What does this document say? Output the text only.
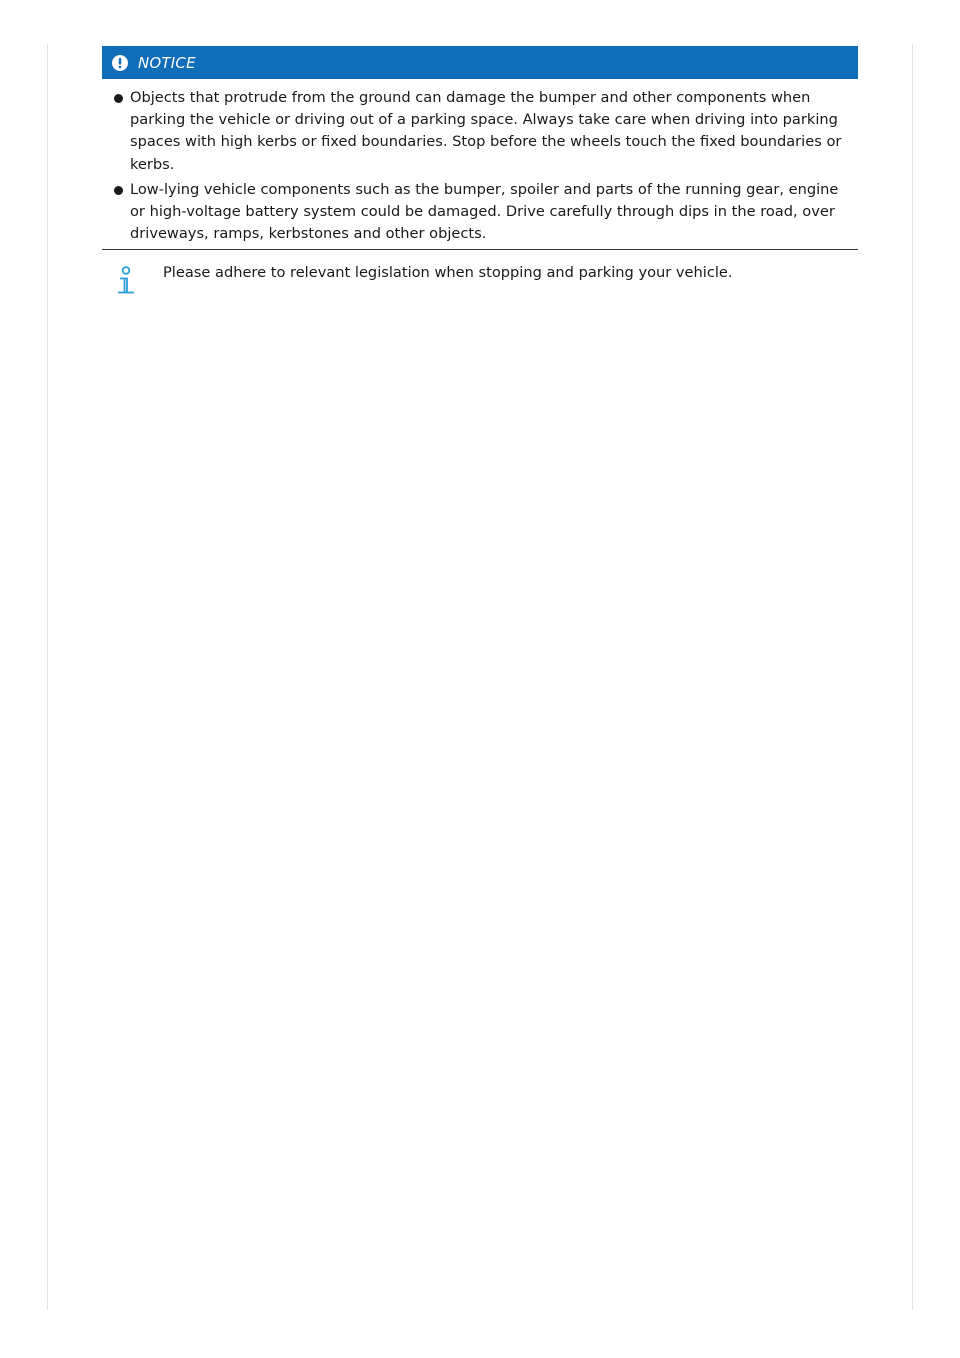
NOTICE
Objects that protrude from the ground can damage the bumper and other components when parking the vehicle or driving out of a parking space. Always take care when driving into parking spaces with high kerbs or fixed boundaries. Stop before the wheels touch the fixed boundaries or kerbs.
Low-lying vehicle components such as the bumper, spoiler and parts of the running gear, engine or high-voltage battery system could be damaged. Drive carefully through dips in the road, over driveways, ramps, kerbstones and other objects.

Please adhere to relevant legislation when stopping and parking your vehicle.
